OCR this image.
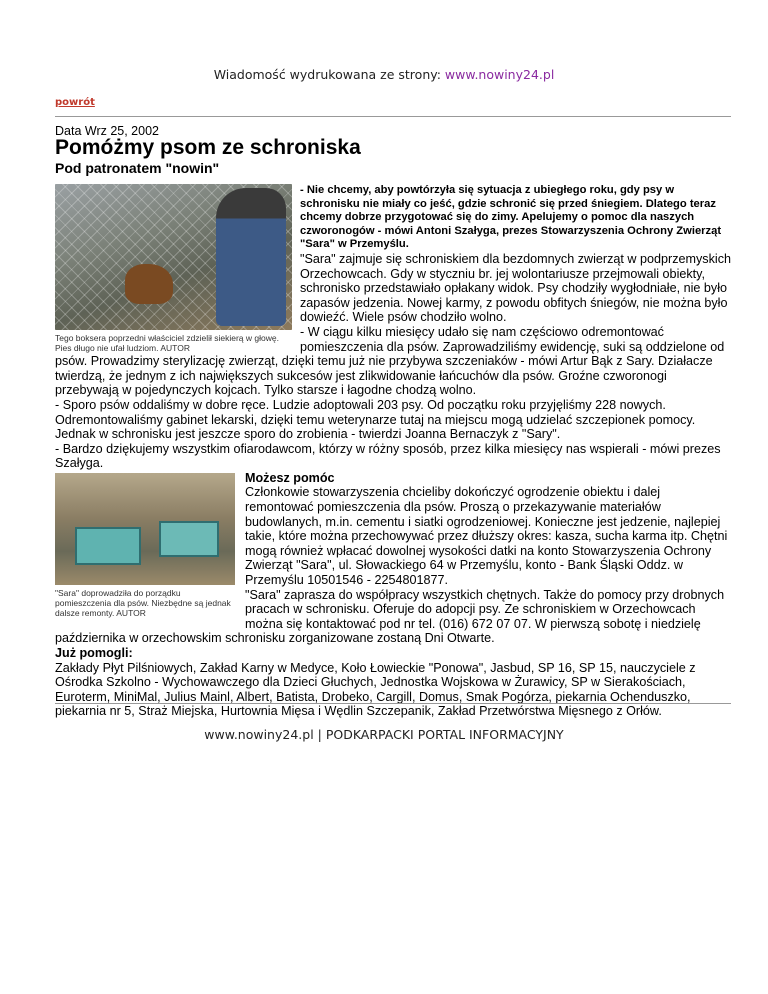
Wiadomość wydrukowana ze strony: www.nowiny24.pl
powrót
Data Wrz 25, 2002
Pomóżmy psom ze schroniska
Pod patronatem "nowin"
Tego boksera poprzedni właściciel zdzielił siekierą w głowę. Pies długo nie ufał ludziom. AUTOR

- Nie chcemy, aby powtórzyła się sytuacja z ubiegłego roku, gdy psy w schronisku nie miały co jeść, gdzie schronić się przed śniegiem. Dlatego teraz chcemy dobrze przygotować się do zimy. Apelujemy o pomoc dla naszych czworonogów - mówi Antoni Szałyga, prezes Stowarzyszenia Ochrony Zwierząt "Sara" w Przemyślu.

"Sara" zajmuje się schroniskiem dla bezdomnych zwierząt w podprzemyskich Orzechowcach. Gdy w styczniu br. jej wolontariusze przejmowali obiekty, schronisko przedstawiało opłakany widok. Psy chodziły wygłodniałe, nie było zapasów jedzenia. Nowej karmy, z powodu obfitych śniegów, nie można było dowieźć. Wiele psów chodziło wolno.

- W ciągu kilku miesięcy udało się nam częściowo odremontować pomieszczenia dla psów. Zaprowadziliśmy ewidencję, suki są oddzielone od psów. Prowadzimy sterylizację zwierząt, dzięki temu już nie przybywa szczeniaków - mówi Artur Bąk z Sary. Działacze twierdzą, że jednym z ich największych sukcesów jest zlikwidowanie łańcuchów dla psów. Groźne czworonogi przebywają w pojedynczych kojcach. Tylko starsze i łagodne chodzą wolno.

- Sporo psów oddaliśmy w dobre ręce. Ludzie adoptowali 203 psy. Od początku roku przyjęliśmy 228 nowych. Odremontowaliśmy gabinet lekarski, dzięki temu weterynarze tutaj na miejscu mogą udzielać szczepionek pomocy. Jednak w schronisku jest jeszcze sporo do zrobienia - twierdzi Joanna Bernaczyk z "Sary".

- Bardzo dziękujemy wszystkim ofiarodawcom, którzy w różny sposób, przez kilka miesięcy nas wspierali - mówi prezes Szałyga.

"Sara" doprowadziła do porządku pomieszczenia dla psów. Niezbędne są jednak dalsze remonty. AUTOR

Możesz pomóc

Członkowie stowarzyszenia chcieliby dokończyć ogrodzenie obiektu i dalej remontować pomieszczenia dla psów. Proszą o przekazywanie materiałów budowlanych, m.in. cementu i siatki ogrodzeniowej. Konieczne jest jedzenie, najlepiej takie, które można przechowywać przez dłuższy okres: kasza, sucha karma itp. Chętni mogą również wpłacać dowolnej wysokości datki na konto Stowarzyszenia Ochrony Zwierząt "Sara", ul. Słowackiego 64 w Przemyślu, konto - Bank Śląski Oddz. w Przemyślu 10501546 - 2254801877.

"Sara" zaprasza do współpracy wszystkich chętnych. Także do pomocy przy drobnych pracach w schronisku. Oferuje do adopcji psy. Ze schroniskiem w Orzechowcach można się kontaktować pod nr tel. (016) 672 07 07. W pierwszą sobotę i niedzielę października w orzechowskim schronisku zorganizowane zostaną Dni Otwarte.

Już pomogli:

Zakłady Płyt Pilśniowych, Zakład Karny w Medyce, Koło Łowieckie "Ponowa", Jasbud, SP 16, SP 15, nauczyciele z Ośrodka Szkolno - Wychowawczego dla Dzieci Głuchych, Jednostka Wojskowa w Żurawicy, SP w Sierakościach, Euroterm, MiniMal, Julius Mainl, Albert, Batista, Drobeko, Cargill, Domus, Smak Pogórza, piekarnia Ochenduszko, piekarnia nr 5, Straż Miejska, Hurtownia Mięsa i Wędlin Szczepanik, Zakład Przetwórstwa Mięsnego z Orłów.

www.nowiny24.pl | PODKARPACKI PORTAL INFORMACYJNY
